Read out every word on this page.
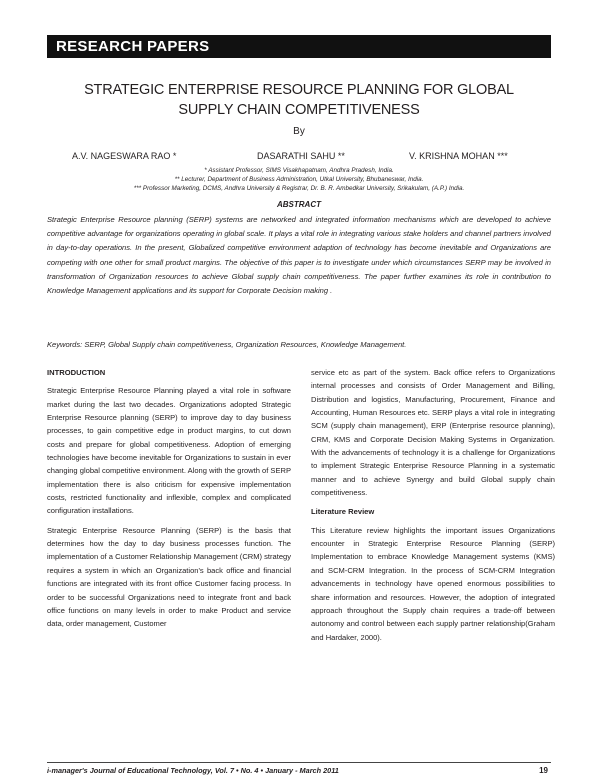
RESEARCH PAPERS
STRATEGIC ENTERPRISE RESOURCE PLANNING FOR GLOBAL
SUPPLY CHAIN COMPETITIVENESS
By
A.V. NAGESWARA RAO *	DASARATHI SAHU **	V. KRISHNA MOHAN ***
* Assistant Professor, SIMS Visakhapatnam, Andhra Pradesh, India.
** Lecturer, Department of Business Administration, Utkal University, Bhubaneswar, India.
*** Professor Marketing, DCMS, Andhra University & Registrar, Dr. B. R. Ambedkar University, Srikakulam, (A.P.) India.
ABSTRACT
Strategic Enterprise Resource planning (SERP) systems are networked and integrated information mechanisms which are developed to achieve competitive advantage for organizations operating in global scale. It plays a vital role in integrating various stake holders and channel partners involved in day-to-day operations. In the present, Globalized competitive environment adaption of technology has become inevitable and Organizations are competing with one other for small product margins. The objective of this paper is to investigate under which circumstances SERP may be involved in transformation of Organization resources to achieve Global supply chain competitiveness. The paper further examines its role in contribution to Knowledge Management applications and its support for Corporate Decision making .
Keywords: SERP, Global Supply chain competitiveness, Organization Resources, Knowledge Management.
INTRODUCTION

Strategic Enterprise Resource Planning played a vital role in software market during the last two decades. Organizations adopted Strategic Enterprise Resource planning (SERP) to improve day to day business processes, to gain competitive edge in product margins, to cut down costs and prepare for global competitiveness. Adoption of emerging technologies have become inevitable for Organizations to sustain in ever changing global competitive environment. Along with the growth of SERP implementation there is also criticism for expensive implementation costs, restricted functionality and inflexible, complex and complicated configuration installations.

Strategic Enterprise Resource Planning (SERP) is the basis that determines how the day to day business processes function. The implementation of a Customer Relationship Management (CRM) strategy requires a system in which an Organization's back office and financial functions are integrated with its front office Customer facing process. In order to be successful Organizations need to integrate front and back office functions on many levels in order to make Product and service data, order management, Customer

service etc as part of the system. Back office refers to Organizations internal processes and consists of Order Management and Billing, Distribution and logistics, Manufacturing, Procurement, Finance and Accounting, Human Resources etc. SERP plays a vital role in integrating SCM (supply chain management), ERP (Enterprise resource planning), CRM, KMS and Corporate Decision Making Systems in Organization. With the advancements of technology it is a challenge for Organizations to implement Strategic Enterprise Resource Planning in a systematic manner and to achieve Synergy and build Global supply chain competitiveness.

Literature Review

This Literature review highlights the important issues Organizations encounter in Strategic Enterprise Resource Planning (SERP) Implementation to embrace Knowledge Management systems (KMS) and SCM-CRM Integration. In the process of SCM-CRM Integration advancements in technology have opened enormous possibilities to share information and resources. However, the adoption of integrated approach throughout the Supply chain requires a trade-off between autonomy and control between each supply partner relationship(Graham and Hardaker, 2000).

i-manager's Journal of Educational Technology, Vol. 7 • No. 4 • January - March 2011	19
